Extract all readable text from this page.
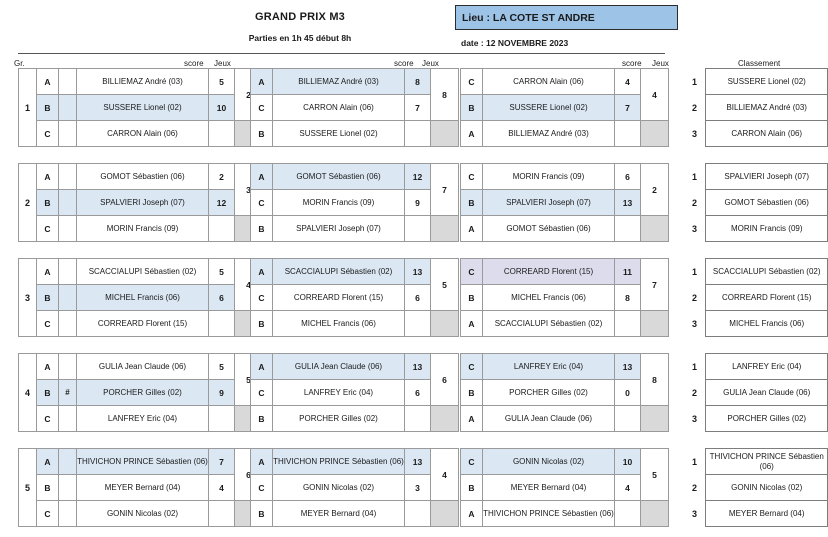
GRAND PRIX M3
Parties en 1h 45 début 8h
Lieu : LA COTE ST ANDRE
date : 12 NOVEMBRE 2023
Gr.	score Jeux	score Jeux	score Jeux	Classement
1	A		BILLIEMAZ André (03)	5	2
	B		SUSSERE Lionel (02)	10	
	C		CARRON Alain (06)		
A	BILLIEMAZ André (03)	8	8
C	CARRON Alain (06)	7	
B	SUSSERE Lionel (02)		
C	CARRON Alain (06)	4	4
B	SUSSERE Lionel (02)	7	
A	BILLIEMAZ André (03)		
1	SUSSERE Lionel (02)
2	BILLIEMAZ André (03)
3	CARRON Alain (06)
2	A		GOMOT Sébastien (06)	2	3
	B		SPALVIERI Joseph (07)	12	
	C		MORIN Francis (09)		
A	GOMOT Sébastien (06)	12	7
C	MORIN Francis (09)	9	
B	SPALVIERI Joseph (07)		
C	MORIN Francis (09)	6	2
B	SPALVIERI Joseph (07)	13	
A	GOMOT Sébastien (06)		
1	SPALVIERI Joseph (07)
2	GOMOT Sébastien (06)
3	MORIN Francis (09)
3	A		SCACCIALUPI Sébastien (02)	5	4
	B		MICHEL Francis (06)	6	
	C		CORREARD Florent (15)		
A	SCACCIALUPI Sébastien (02)	13	5
C	CORREARD Florent (15)	6	
B	MICHEL Francis (06)		
C	CORREARD Florent (15)	11	7
B	MICHEL Francis (06)	8	
A	SCACCIALUPI Sébastien (02)		
1	SCACCIALUPI Sébastien (02)
2	CORREARD Florent (15)
3	MICHEL Francis (06)
4	A		GULIA Jean Claude (06)	5	5
	B	#	PORCHER Gilles (02)	9	
	C		LANFREY Eric (04)		
A	GULIA Jean Claude (06)	13	6
C	LANFREY Eric (04)	6	
B	PORCHER Gilles (02)		
C	LANFREY Eric (04)	13	8
B	PORCHER Gilles (02)	0	
A	GULIA Jean Claude (06)		
1	LANFREY Eric (04)
2	GULIA Jean Claude (06)
3	PORCHER Gilles (02)
5	A		THIVICHON PRINCE Sébastien (06)	7	6
	B		MEYER Bernard (04)	4	
	C		GONIN Nicolas (02)		
A	THIVICHON PRINCE Sébastien (06)	13	4
C	GONIN Nicolas (02)	3	
B	MEYER Bernard (04)		
C	GONIN Nicolas (02)	10	5
B	MEYER Bernard (04)	4	
A	THIVICHON PRINCE Sébastien (06)		
1	THIVICHON PRINCE Sébastien (06)
2	GONIN Nicolas (02)
3	MEYER Bernard (04)
